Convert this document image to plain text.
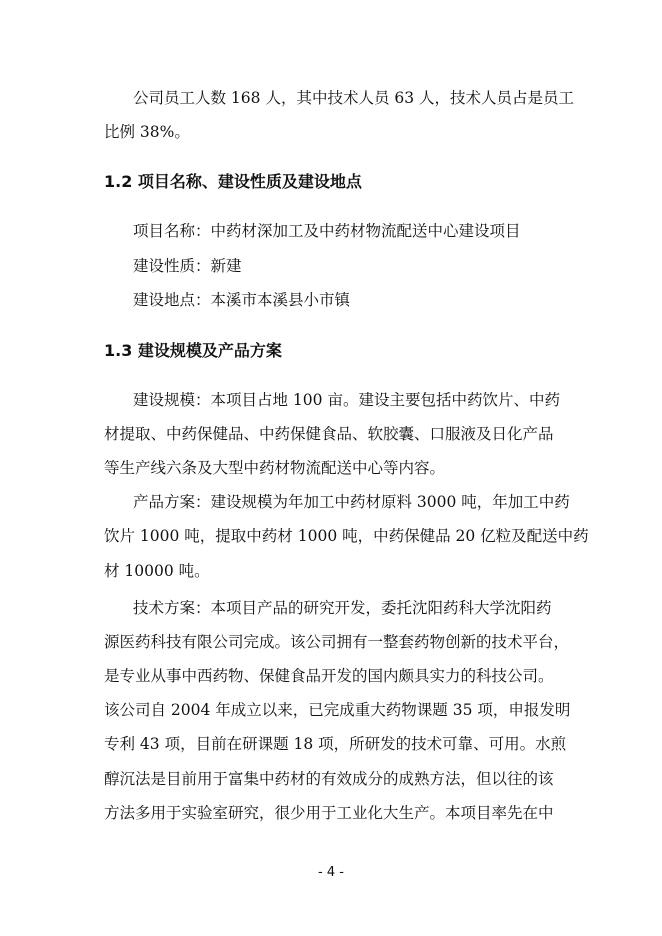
公司员工人数 168 人，其中技术人员 63 人，技术人员占是员工
比例 38%。
1.2 项目名称、建设性质及建设地点
项目名称：中药材深加工及中药材物流配送中心建设项目
建设性质：新建
建设地点：本溪市本溪县小市镇
1.3 建设规模及产品方案
建设规模：本项目占地 100 亩。建设主要包括中药饮片、中药
材提取、中药保健品、中药保健食品、软胶囊、口服液及日化产品
等生产线六条及大型中药材物流配送中心等内容。
产品方案：建设规模为年加工中药材原料 3000 吨，年加工中药
饮片 1000 吨，提取中药材 1000 吨，中药保健品 20 亿粒及配送中药
材 10000 吨。
技术方案：本项目产品的研究开发，委托沈阳药科大学沈阳药
源医药科技有限公司完成。该公司拥有一整套药物创新的技术平台，
是专业从事中西药物、保健食品开发的国内颇具实力的科技公司。
该公司自 2004 年成立以来，已完成重大药物课题 35 项，申报发明
专利 43 项，目前在研课题 18 项，所研发的技术可靠、可用。水煎
醇沉法是目前用于富集中药材的有效成分的成熟方法，但以往的该
方法多用于实验室研究，很少用于工业化大生产。本项目率先在中
- 4 -
